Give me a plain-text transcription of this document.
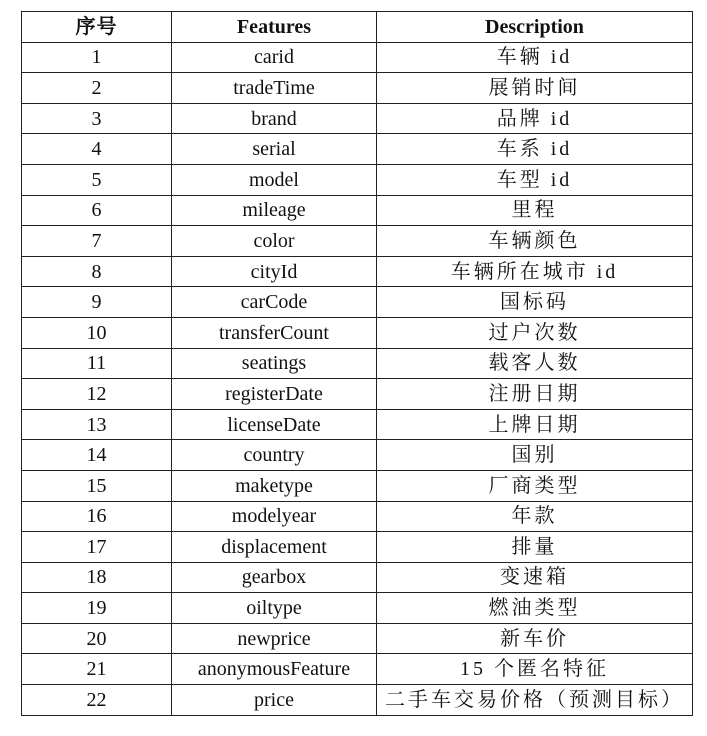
序号	Features	Description
1	carid	车辆 id
2	tradeTime	展销时间
3	brand	品牌 id
4	serial	车系 id
5	model	车型 id
6	mileage	里程
7	color	车辆颜色
8	cityId	车辆所在城市 id
9	carCode	国标码
10	transferCount	过户次数
11	seatings	载客人数
12	registerDate	注册日期
13	licenseDate	上牌日期
14	country	国别
15	maketype	厂商类型
16	modelyear	年款
17	displacement	排量
18	gearbox	变速箱
19	oiltype	燃油类型
20	newprice	新车价
21	anonymousFeature	15 个匿名特征
22	price	二手车交易价格（预测目标）
